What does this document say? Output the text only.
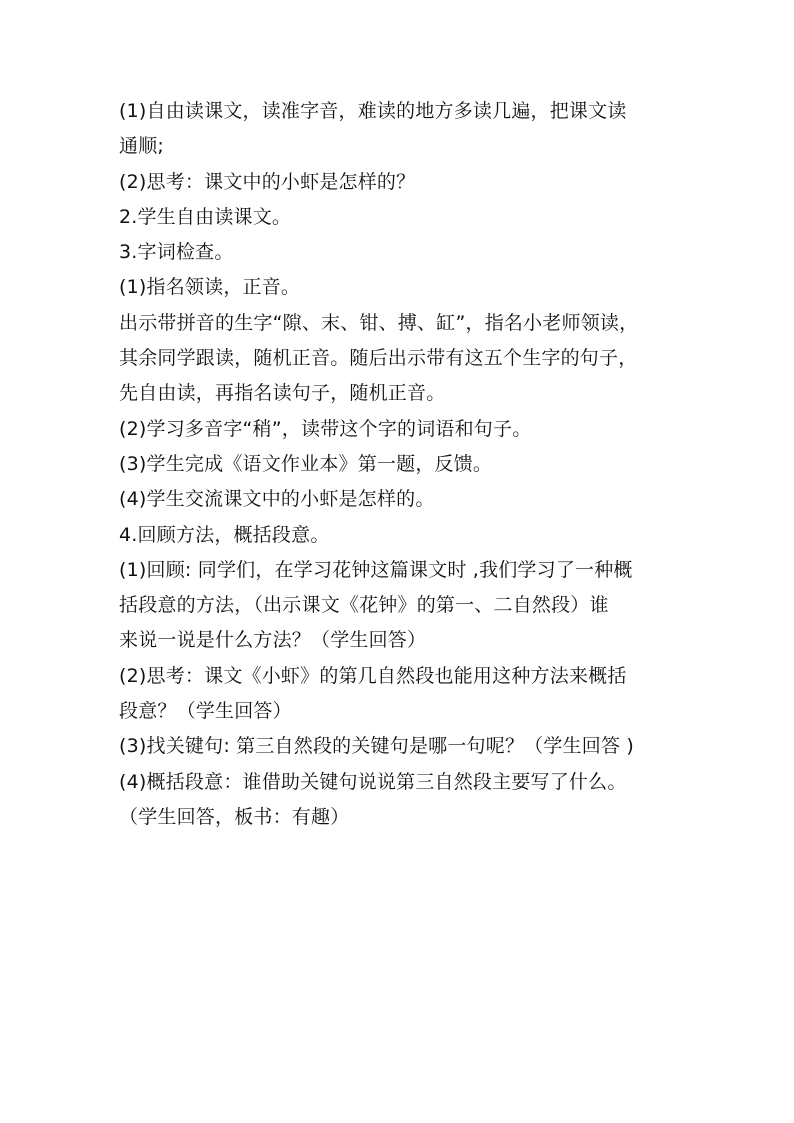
(1)自由读课文，读准字音，难读的地方多读几遍，把课文读
通顺;
(2)思考：课文中的小虾是怎样的？
2.学生自由读课文。
3.字词检查。
(1)指名领读，正音。
出示带拼音的生字“隙、末、钳、搏、缸”，指名小老师领读，
其余同学跟读，随机正音。随后出示带有这五个生字的句子，
先自由读，再指名读句子，随机正音。
(2)学习多音字“稍”，读带这个字的词语和句子。
(3)学生完成《语文作业本》第一题，反馈。
(4)学生交流课文中的小虾是怎样的。
4.回顾方法，概括段意。
(1)回顾: 同学们，在学习花钟这篇课文时 ,我们学习了一种概
括段意的方法，（出示课文《花钟》的第一、二自然段）谁
来说一说是什么方法？（学生回答）
(2)思考：课文《小虾》的第几自然段也能用这种方法来概括
段意？（学生回答）
(3)找关键句: 第三自然段的关键句是哪一句呢？（学生回答 )
(4)概括段意：谁借助关键句说说第三自然段主要写了什么。
（学生回答，板书：有趣）
